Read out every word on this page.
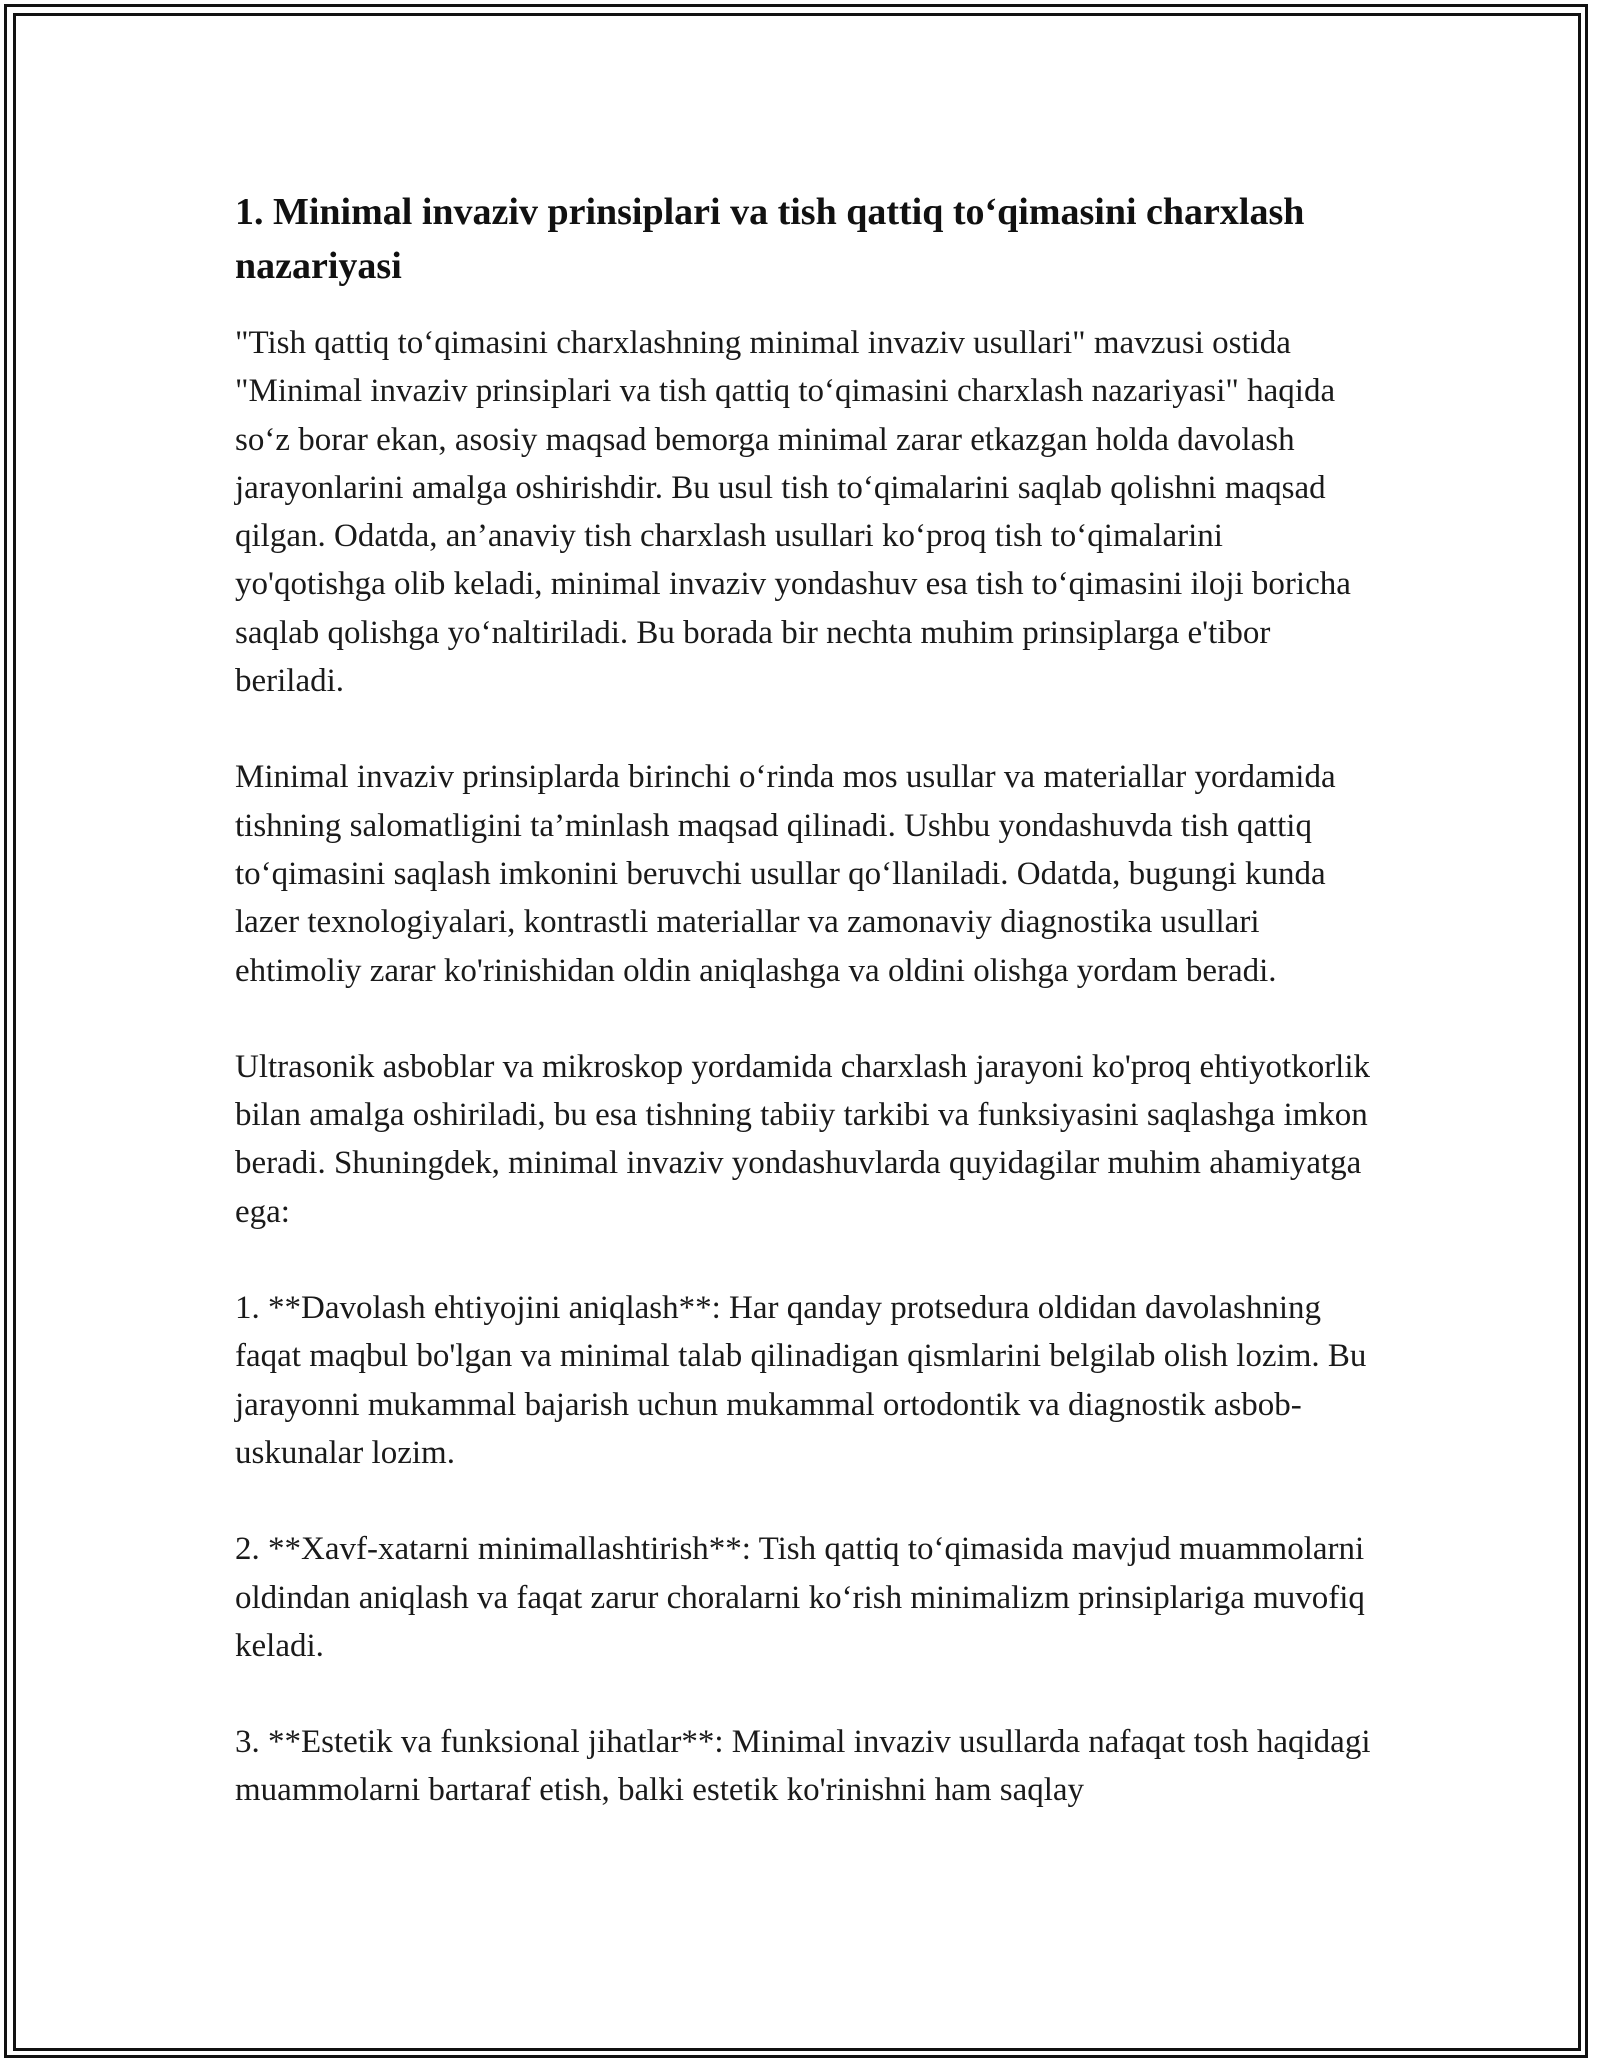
1. Minimal invaziv prinsiplari va tish qattiq to‘qimasini charxlash nazariyasi

"Tish qattiq to‘qimasini charxlashning minimal invaziv usullari" mavzusi ostida "Minimal invaziv prinsiplari va tish qattiq to‘qimasini charxlash nazariyasi" haqida so‘z borar ekan, asosiy maqsad bemorga minimal zarar etkazgan holda davolash jarayonlarini amalga oshirishdir. Bu usul tish to‘qimalarini saqlab qolishni maqsad qilgan. Odatda, an’anaviy tish charxlash usullari ko‘proq tish to‘qimalarini yo'qotishga olib keladi, minimal invaziv yondashuv esa tish to‘qimasini iloji boricha saqlab qolishga yo‘naltiriladi. Bu borada bir nechta muhim prinsiplarga e'tibor beriladi.

Minimal invaziv prinsiplarda birinchi o‘rinda mos usullar va materiallar yordamida tishning salomatligini ta’minlash maqsad qilinadi. Ushbu yondashuvda tish qattiq to‘qimasini saqlash imkonini beruvchi usullar qo‘llaniladi. Odatda, bugungi kunda lazer texnologiyalari, kontrastli materiallar va zamonaviy diagnostika usullari ehtimoliy zarar ko'rinishidan oldin aniqlashga va oldini olishga yordam beradi.

Ultrasonik asboblar va mikroskop yordamida charxlash jarayoni ko'proq ehtiyotkorlik bilan amalga oshiriladi, bu esa tishning tabiiy tarkibi va funksiyasini saqlashga imkon beradi. Shuningdek, minimal invaziv yondashuvlarda quyidagilar muhim ahamiyatga ega:

1. **Davolash ehtiyojini aniqlash**: Har qanday protsedura oldidan davolashning faqat maqbul bo'lgan va minimal talab qilinadigan qismlarini belgilab olish lozim. Bu jarayonni mukammal bajarish uchun mukammal ortodontik va diagnostik asbob-uskunalar lozim.

2. **Xavf-xatarni minimallashtirish**: Tish qattiq to‘qimasida mavjud muammolarni oldindan aniqlash va faqat zarur choralarni ko‘rish minimalizm prinsiplariga muvofiq keladi.

3. **Estetik va funksional jihatlar**: Minimal invaziv usullarda nafaqat tosh haqidagi muammolarni bartaraf etish, balki estetik ko'rinishni ham saqlay
